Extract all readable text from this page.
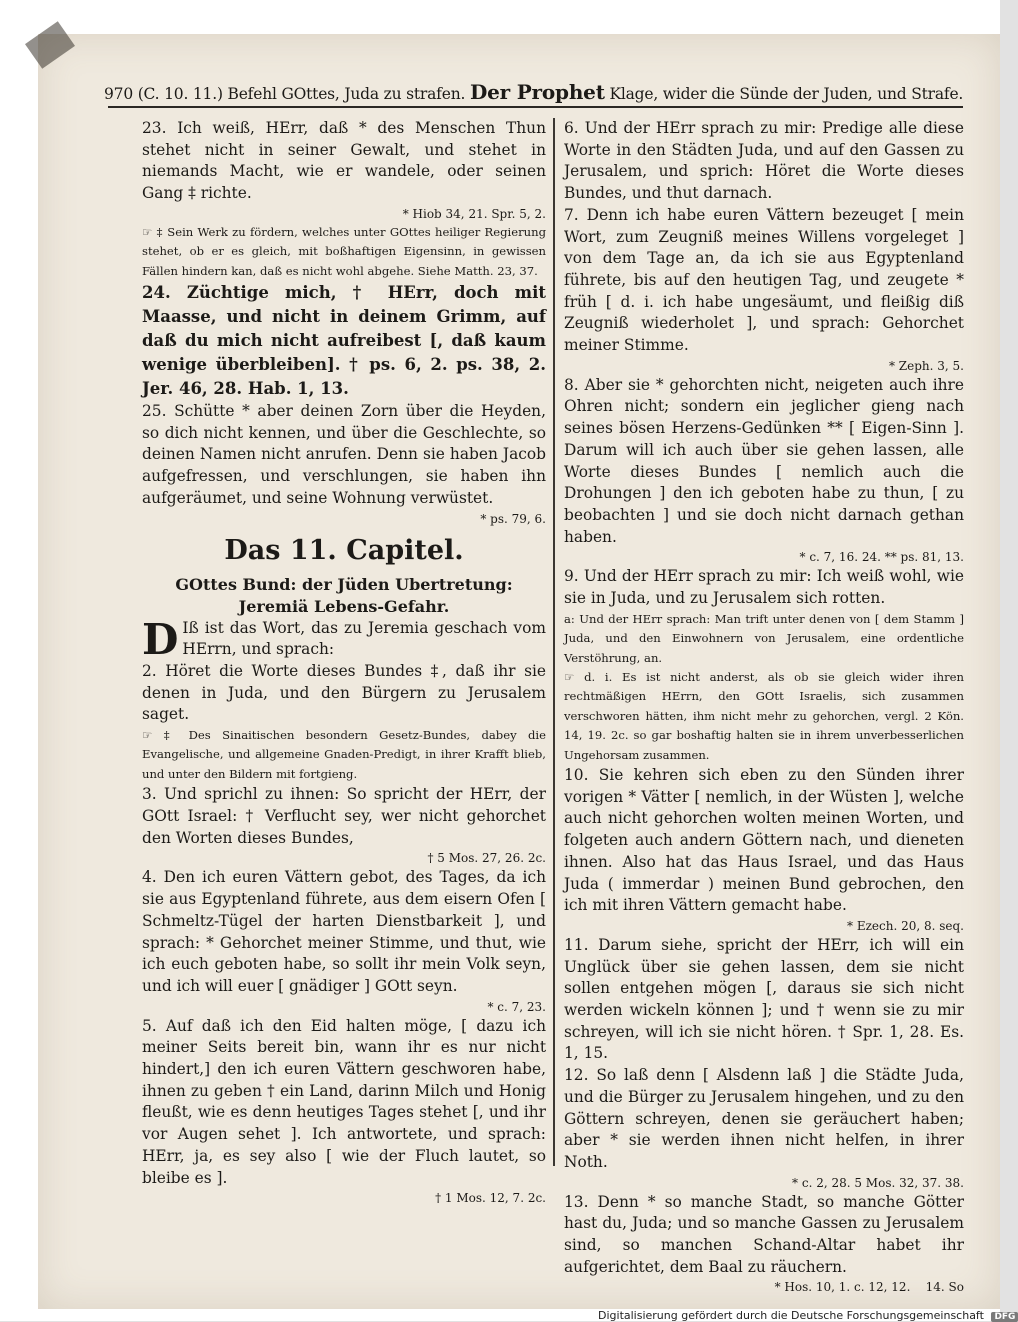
970 (C. 10. 11.) Befehl GOttes, Juda zu strafen. Der Prophet Klage, wider die Sünde der Juden, und Strafe.

23. Ich weiß, HErr, daß * des Menschen Thun stehet nicht in seiner Gewalt, und stehet in niemands Macht, wie er wandele, oder seinen Gang ‡ richte.

* Hiob 34, 21. Spr. 5, 2.

☞ ‡ Sein Werk zu fördern, welches unter GOttes heiliger Regierung stehet, ob er es gleich, mit boßhaftigen Eigensinn, in gewissen Fällen hindern kan, daß es nicht wohl abgehe. Siehe Matth. 23, 37.

24. Züchtige mich, † HErr, doch mit Maasse, und nicht in deinem Grimm, auf daß du mich nicht aufreibest [, daß kaum wenige überbleiben]. † ps. 6, 2. ps. 38, 2. Jer. 46, 28. Hab. 1, 13.

25. Schütte * aber deinen Zorn über die Heyden, so dich nicht kennen, und über die Geschlechte, so deinen Namen nicht anrufen. Denn sie haben Jacob aufgefressen, und verschlungen, sie haben ihn aufgeräumet, und seine Wohnung verwüstet.

* ps. 79, 6.

Das 11. Capitel.

GOttes Bund: der Jüden Ubertretung: Jeremiä Lebens-Gefahr.

D Iß ist das Wort, das zu Jeremia geschach vom HErrn, und sprach:

2. Höret die Worte dieses Bundes ‡, daß ihr sie denen in Juda, und den Bürgern zu Jerusalem saget.

☞ ‡ Des Sinaitischen besondern Gesetz-Bundes, dabey die Evangelische, und allgemeine Gnaden-Predigt, in ihrer Krafft blieb, und unter den Bildern mit fortgieng.

3. Und sprichl zu ihnen: So spricht der HErr, der GOtt Israel: † Verflucht sey, wer nicht gehorchet den Worten dieses Bundes,

† 5 Mos. 27, 26. 2c.

4. Den ich euren Vättern gebot, des Tages, da ich sie aus Egyptenland führete, aus dem eisern Ofen [ Schmeltz-Tügel der harten Dienstbarkeit ], und sprach: * Gehorchet meiner Stimme, und thut, wie ich euch geboten habe, so sollt ihr mein Volk seyn, und ich will euer [ gnädiger ] GOtt seyn.

* c. 7, 23.

5. Auf daß ich den Eid halten möge, [ dazu ich meiner Seits bereit bin, wann ihr es nur nicht hindert,] den ich euren Vättern geschworen habe, ihnen zu geben † ein Land, darinn Milch und Honig fleußt, wie es denn heutiges Tages stehet [, und ihr vor Augen sehet ]. Ich antwortete, und sprach: HErr, ja, es sey also [ wie der Fluch lautet, so bleibe es ].

† 1 Mos. 12, 7. 2c.

6. Und der HErr sprach zu mir: Predige alle diese Worte in den Städten Juda, und auf den Gassen zu Jerusalem, und sprich: Höret die Worte dieses Bundes, und thut darnach.

7. Denn ich habe euren Vättern bezeuget [ mein Wort, zum Zeugniß meines Willens vorgeleget ] von dem Tage an, da ich sie aus Egyptenland führete, bis auf den heutigen Tag, und zeugete * früh [ d. i. ich habe ungesäumt, und fleißig diß Zeugniß wiederholet ], und sprach: Gehorchet meiner Stimme.

* Zeph. 3, 5.

8. Aber sie * gehorchten nicht, neigeten auch ihre Ohren nicht; sondern ein jeglicher gieng nach seines bösen Herzens-Gedünken ** [ Eigen-Sinn ]. Darum will ich auch über sie gehen lassen, alle Worte dieses Bundes [ nemlich auch die Drohungen ] den ich geboten habe zu thun, [ zu beobachten ] und sie doch nicht darnach gethan haben.

* c. 7, 16. 24. ** ps. 81, 13.

9. Und der HErr sprach zu mir: Ich weiß wohl, wie sie in Juda, und zu Jerusalem sich rotten.

a: Und der HErr sprach: Man trift unter denen von [ dem Stamm ] Juda, und den Einwohnern von Jerusalem, eine ordentliche Verstöhrung, an.

☞ d. i. Es ist nicht anderst, als ob sie gleich wider ihren rechtmäßigen HErrn, den GOtt Israelis, sich zusammen verschworen hätten, ihm nicht mehr zu gehorchen, vergl. 2 Kön. 14, 19. 2c. so gar boshaftig halten sie in ihrem unverbesserlichen Ungehorsam zusammen.

10. Sie kehren sich eben zu den Sünden ihrer vorigen * Vätter [ nemlich, in der Wüsten ], welche auch nicht gehorchen wolten meinen Worten, und folgeten auch andern Göttern nach, und dieneten ihnen. Also hat das Haus Israel, und das Haus Juda ( immerdar ) meinen Bund gebrochen, den ich mit ihren Vättern gemacht habe.

* Ezech. 20, 8. seq.

11. Darum siehe, spricht der HErr, ich will ein Unglück über sie gehen lassen, dem sie nicht sollen entgehen mögen [, daraus sie sich nicht werden wickeln können ]; und † wenn sie zu mir schreyen, will ich sie nicht hören. † Spr. 1, 28. Es. 1, 15.

12. So laß denn [ Alsdenn laß ] die Städte Juda, und die Bürger zu Jerusalem hingehen, und zu den Göttern schreyen, denen sie geräuchert haben; aber * sie werden ihnen nicht helfen, in ihrer Noth.

* c. 2, 28. 5 Mos. 32, 37. 38.

13. Denn * so manche Stadt, so manche Götter hast du, Juda; und so manche Gassen zu Jerusalem sind, so manchen Schand-Altar habet ihr aufgerichtet, dem Baal zu räuchern.

* Hos. 10, 1. c. 12, 12. 14. So

Digitalisierung gefördert durch die Deutsche Forschungsgemeinschaft DFG
